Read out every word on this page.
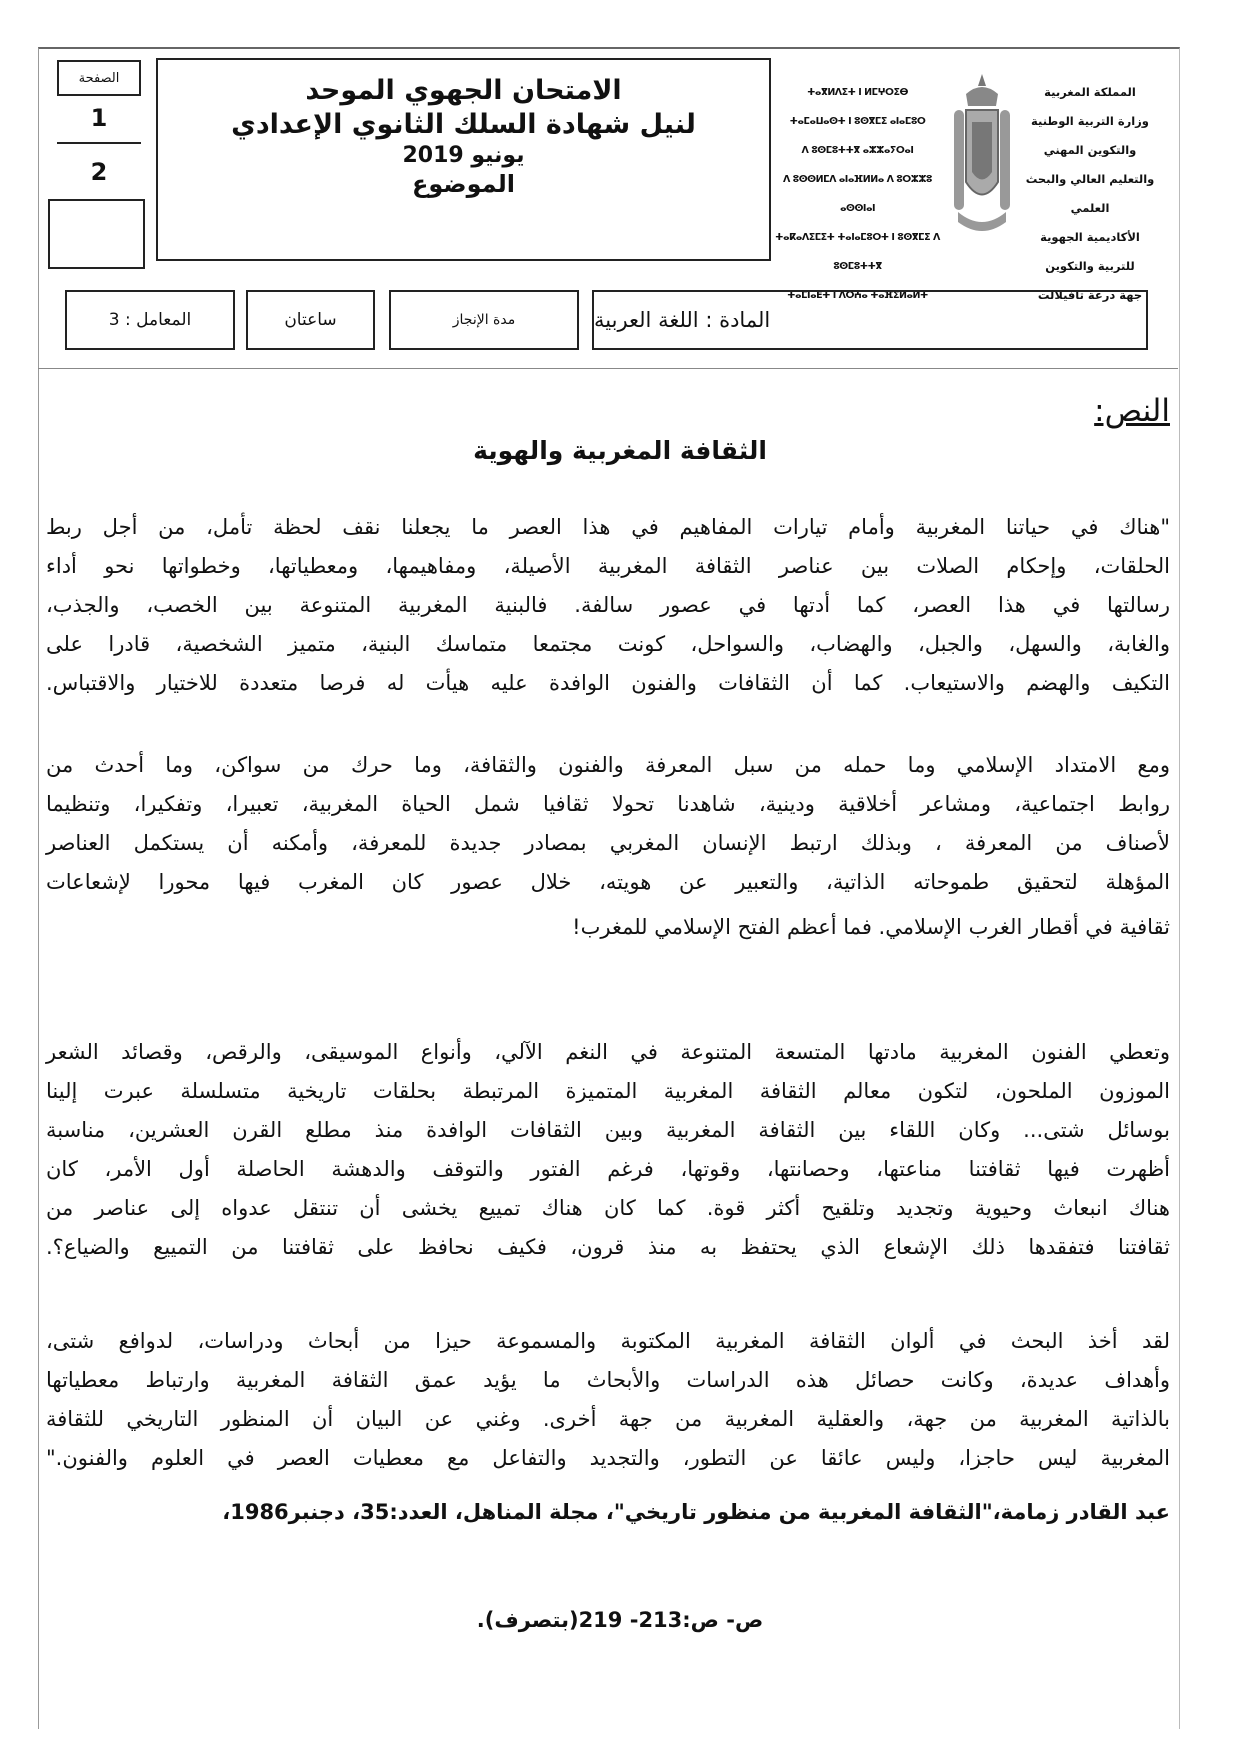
الصفحة
1
2
الامتحان الجهوي الموحد
لنيل شهادة السلك الثانوي الإعدادي
يونيو 2019
الموضوع
ⵜⴰⴳⵍⴷⵉⵜ ⵏ ⵍⵎⵖⵔⵉⴱ
ⵜⴰⵎⴰⵡⴰⵙⵜ ⵏ ⵓⵙⴳⵎⵉ ⴰⵏⴰⵎⵓⵔ
ⴷ ⵓⵙⵎⵓⵜⵜⴳ ⴰⵣⵣⴰⵢⵔⴰⵏ
ⴷ ⵓⵙⵙⵍⵎⴷ ⴰⵏⴰⴼⵍⵍⴰ ⴷ ⵓⵔⵣⵣⵓ ⴰⵙⵙⵏⴰⵏ
ⵜⴰⴽⴰⴷⵉⵎⵉⵜ ⵜⴰⵏⴰⵎⵓⵔⵜ ⵏ ⵓⵙⴳⵎⵉ ⴷ ⵓⵙⵎⵓⵜⵜⴳ
ⵜⴰⵎⵏⴰⴹⵜ ⵏ ⴷⵔⵄⴰ ⵜⴰⴼⵉⵍⴰⵍⵜ
المملكة المغربية
وزارة التربية الوطنية
والتكوين المهني
والتعليم العالي والبحث العلمي
الأكاديمية الجهوية للتربية والتكوين
جهة درعة تافيلالت
المادة : اللغة العربية
مدة الإنجاز
ساعتان
المعامل : 3
النص:
الثقافة المغربية والهوية
"هناك في حياتنا المغربية وأمام تيارات المفاهيم في هذا العصر ما يجعلنا نقف لحظة تأمل، من أجل ربط
الحلقات، وإحكام الصلات بين عناصر الثقافة المغربية الأصيلة، ومفاهيمها، ومعطياتها، وخطواتها نحو أداء
رسالتها في هذا العصر، كما أدتها في عصور سالفة. فالبنية المغربية المتنوعة بين الخصب، والجذب،
والغابة، والسهل، والجبل، والهضاب، والسواحل، كونت مجتمعا متماسك البنية، متميز الشخصية، قادرا على
التكيف والهضم والاستيعاب. كما أن الثقافات والفنون الوافدة عليه هيأت له فرصا متعددة للاختيار والاقتباس.
ومع الامتداد الإسلامي وما حمله من سبل المعرفة والفنون والثقافة، وما حرك من سواكن، وما أحدث من
روابط اجتماعية، ومشاعر أخلاقية ودينية، شاهدنا تحولا ثقافيا شمل الحياة المغربية، تعبيرا، وتفكيرا، وتنظيما
لأصناف من المعرفة ، وبذلك ارتبط الإنسان المغربي بمصادر جديدة للمعرفة، وأمكنه أن يستكمل العناصر
المؤهلة لتحقيق طموحاته الذاتية، والتعبير عن هويته، خلال عصور كان المغرب فيها محورا لإشعاعات
ثقافية في أقطار الغرب الإسلامي. فما أعظم الفتح الإسلامي للمغرب!
وتعطي الفنون المغربية مادتها المتسعة المتنوعة في النغم الآلي، وأنواع الموسيقى، والرقص، وقصائد الشعر
الموزون الملحون، لتكون معالم الثقافة المغربية المتميزة المرتبطة بحلقات تاريخية متسلسلة عبرت إلينا
بوسائل شتى... وكان اللقاء بين الثقافة المغربية وبين الثقافات الوافدة منذ مطلع القرن العشرين، مناسبة
أظهرت فيها ثقافتنا مناعتها، وحصانتها، وقوتها، فرغم الفتور والتوقف والدهشة الحاصلة أول الأمر، كان
هناك انبعاث وحيوية وتجديد وتلقيح أكثر قوة. كما كان هناك تمييع يخشى أن تنتقل عدواه إلى عناصر من
ثقافتنا فتفقدها ذلك الإشعاع الذي يحتفظ به منذ قرون، فكيف نحافظ على ثقافتنا من التمييع والضياع؟.
لقد أخذ البحث في ألوان الثقافة المغربية المكتوبة والمسموعة حيزا من أبحاث ودراسات، لدوافع شتى،
وأهداف عديدة، وكانت حصائل هذه الدراسات والأبحاث ما يؤيد عمق الثقافة المغربية وارتباط معطياتها
بالذاتية المغربية من جهة، والعقلية المغربية من جهة أخرى. وغني عن البيان أن المنظور التاريخي للثقافة
المغربية ليس حاجزا، وليس عائقا عن التطور، والتجديد والتفاعل مع معطيات العصر في العلوم والفنون."
عبد القادر زمامة،"الثقافة المغربية من منظور تاريخي"، مجلة المناهل، العدد:35، دجنبر1986،
ص- ص:213- 219(بتصرف).
